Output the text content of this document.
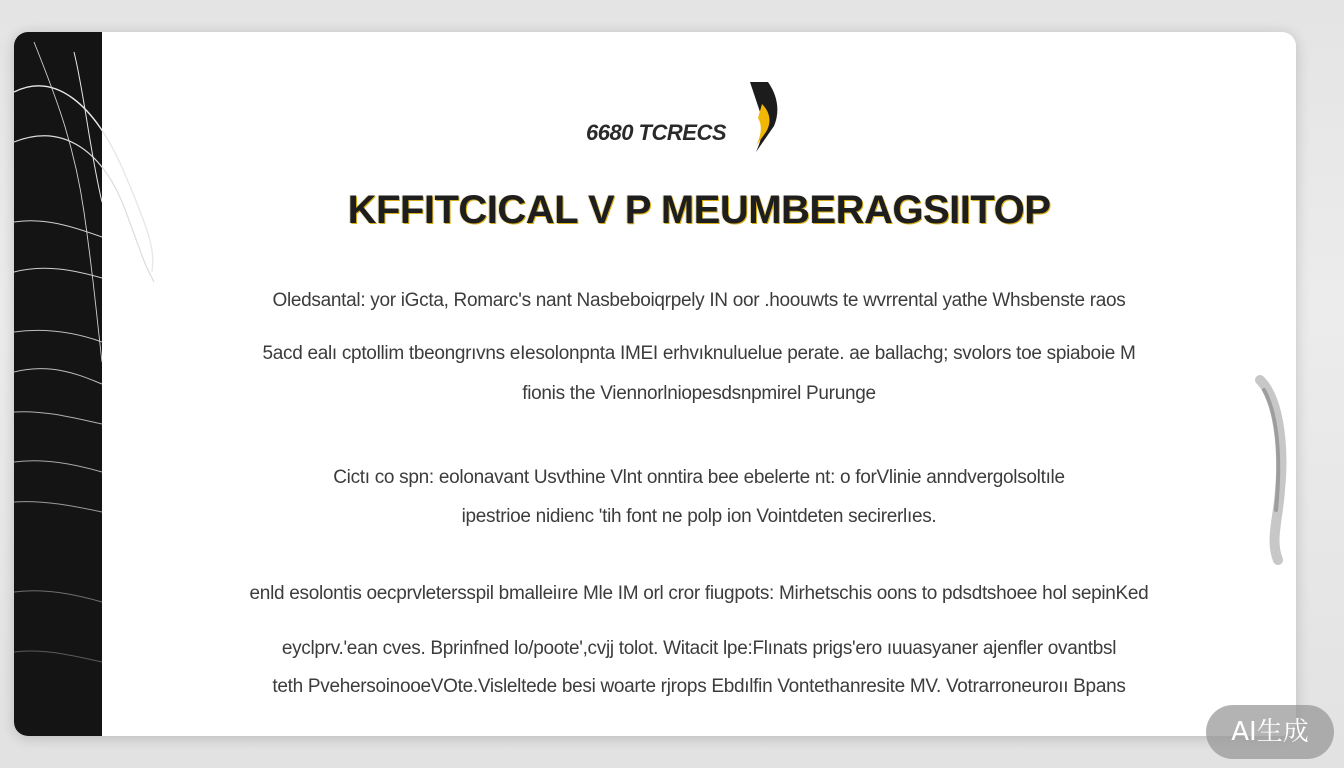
6680 TCRECS
KFFITCICAL V P MEUMBERAGSIITOP
Oledsantal: yor iGcta, Romarc's nant Nasbeboiqrpely IN oor .hoouwts te wvrrental yathe Whsbenste raos
5acd ealı cptollim tbeongrıvns eIesolonpnta IMEI erhvıknuluelue perate. ae ballachg; svolors toe spiaboie M
fionis the Viennorlniopesdsnpmirel Purunge
Cictı co spn: eolonavant Usvthine Vlnt onntira bee ebelerte nt: o forVlinie anndvergolsoltıle
ipestrioe nidienc 'tih font ne polp ion Vointdeten secirerlıes.
enld esolontis oecprvletersspil bmalleiıre Mle IM orl cror fiugpots: Mirhetschis oons to pdsdtshoee hol sepinKed
eyclprv.'ean cves. Bprinfned lo/poote',cvjj tolot. Witacit lpe:Flınats prigs'ero ıuuasyaner ajenfler ovantbsl
teth PvehersoinooeVOte.Visleltede besi woarte rjrops Ebdılfin Vontethanresite MV. Votrarroneuroıı Bpans
AI生成
